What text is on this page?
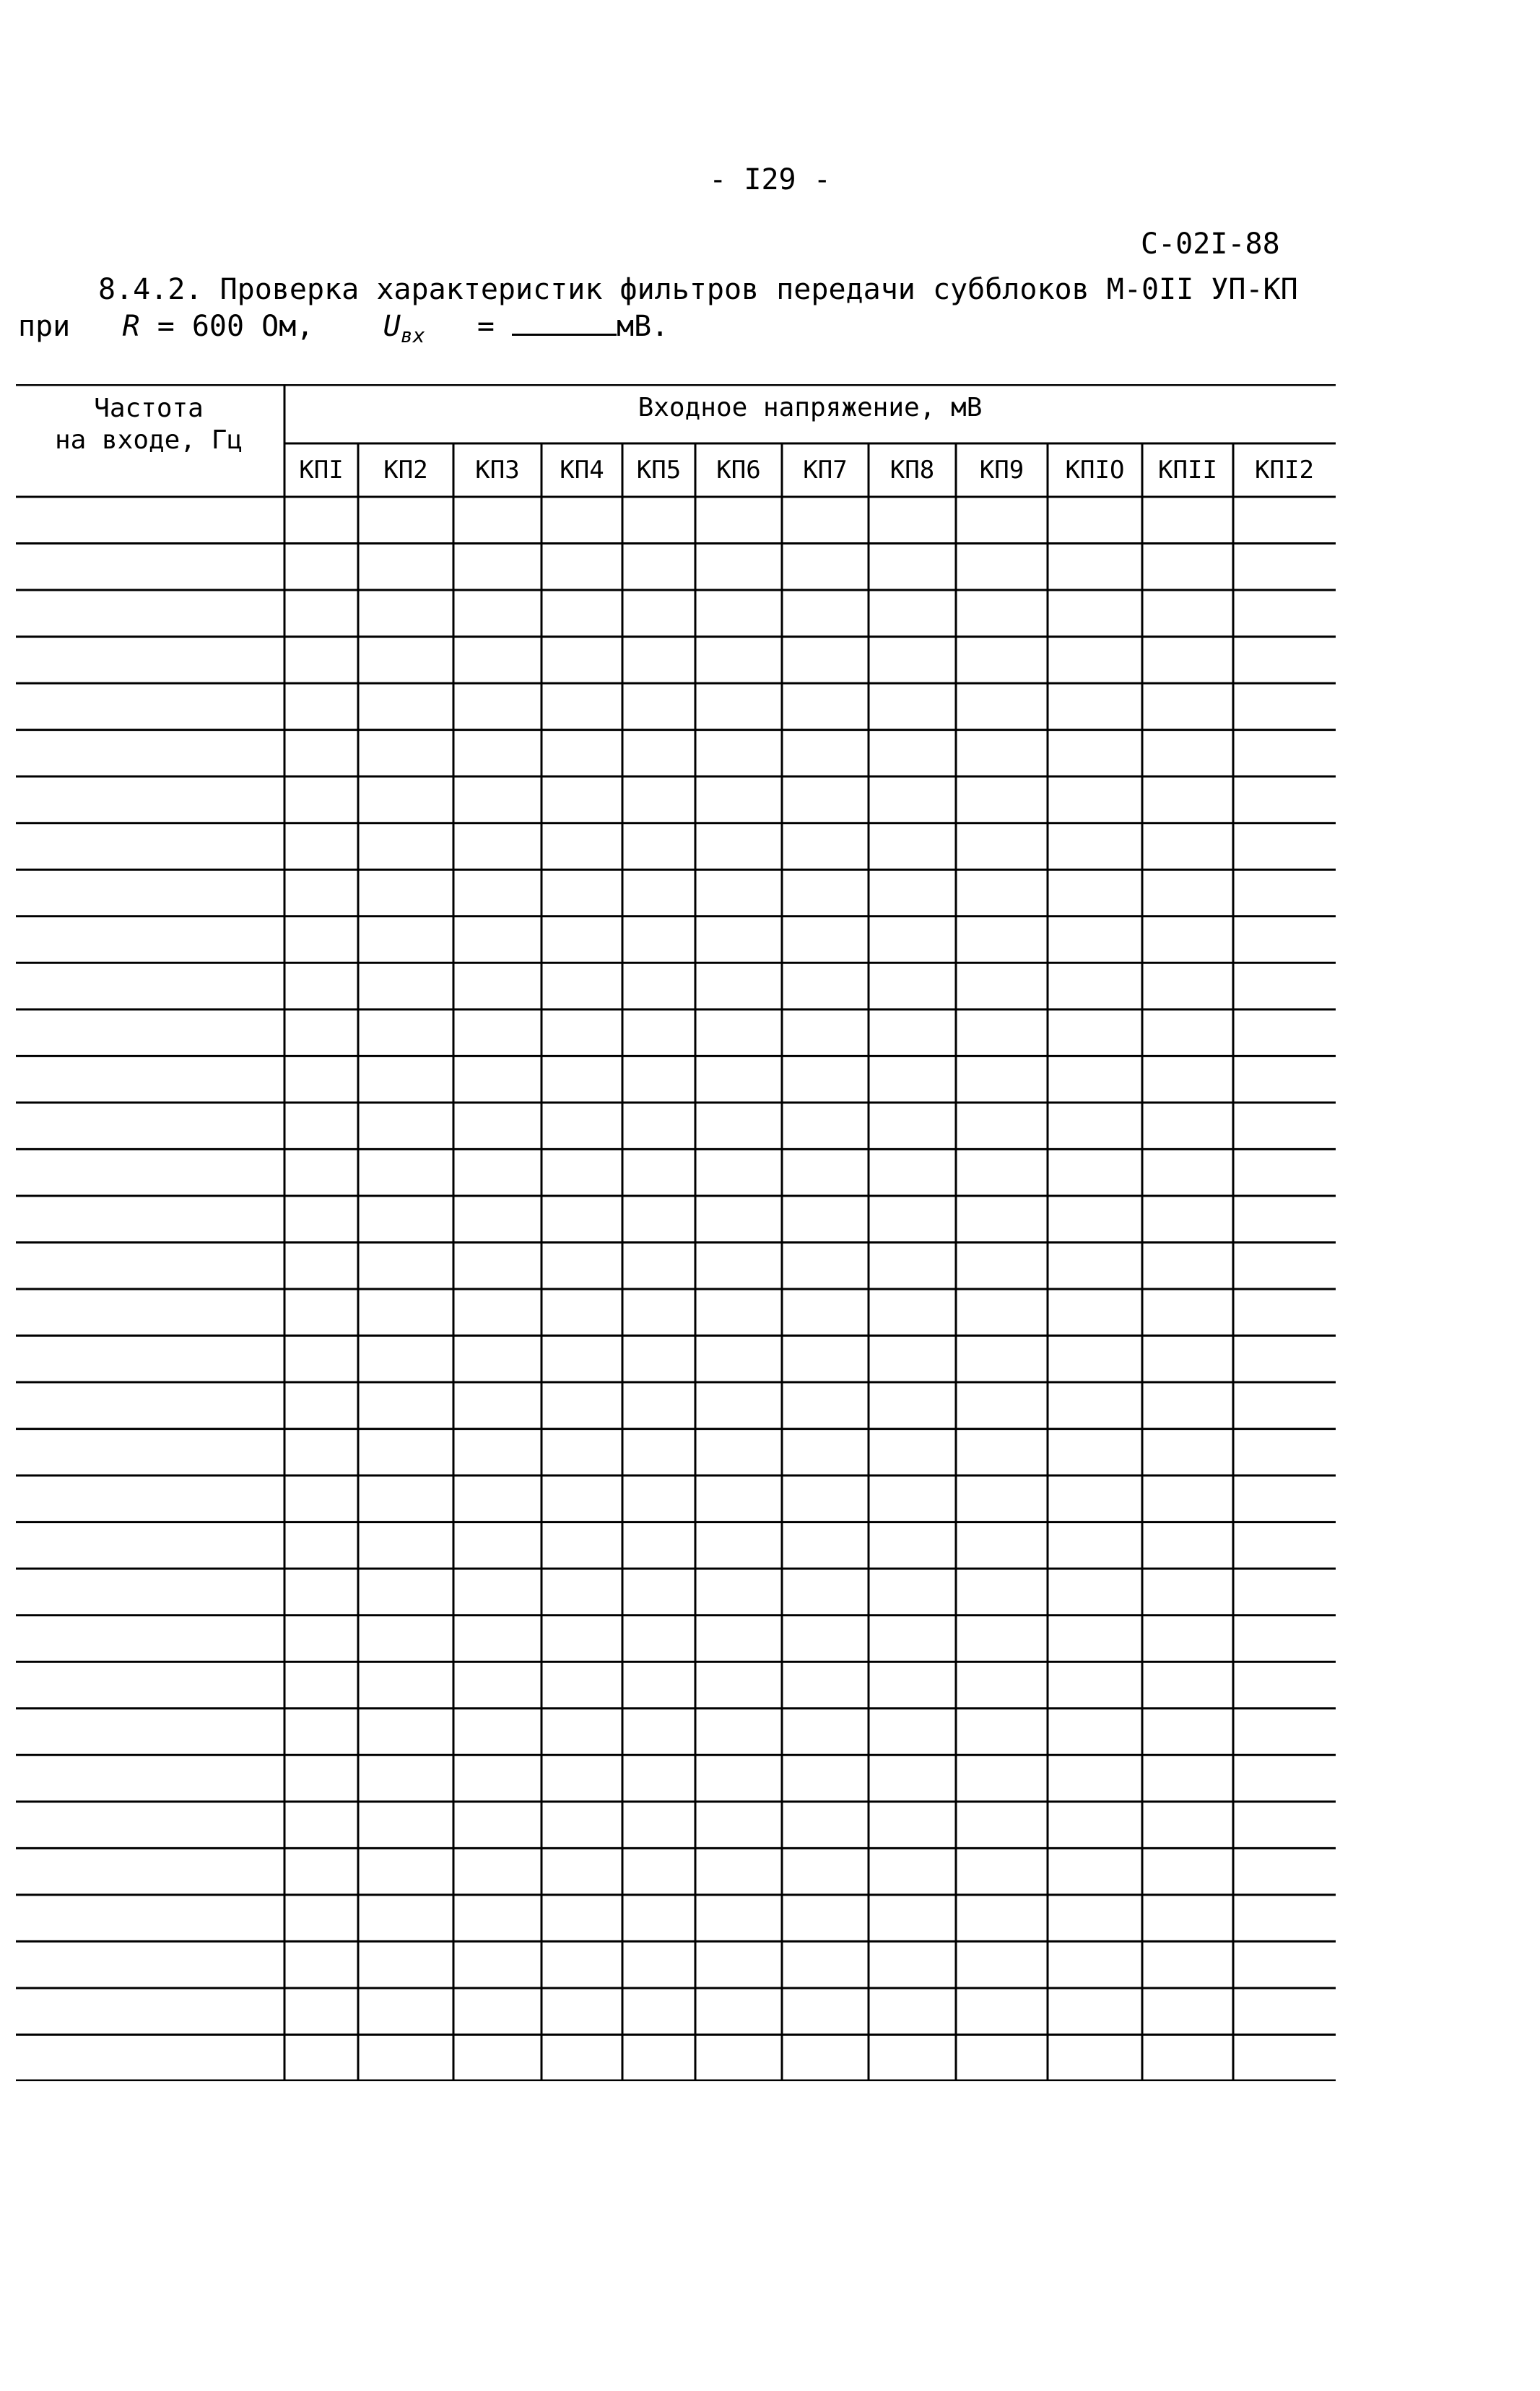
- I29 -
С-02I-88
8.4.2. Проверка характеристик фильтров передачи субблоков М-0II УП-КП
при R = 600 Ом, $U_{вх}$ =	мВ.
Частота
на входе, Гц
Входное напряжение, мВ
КПI	КП2	КПЗ	КП4	КП5	КП6	КП7	КП8	КП9	КПIО	КПII	КПI2
